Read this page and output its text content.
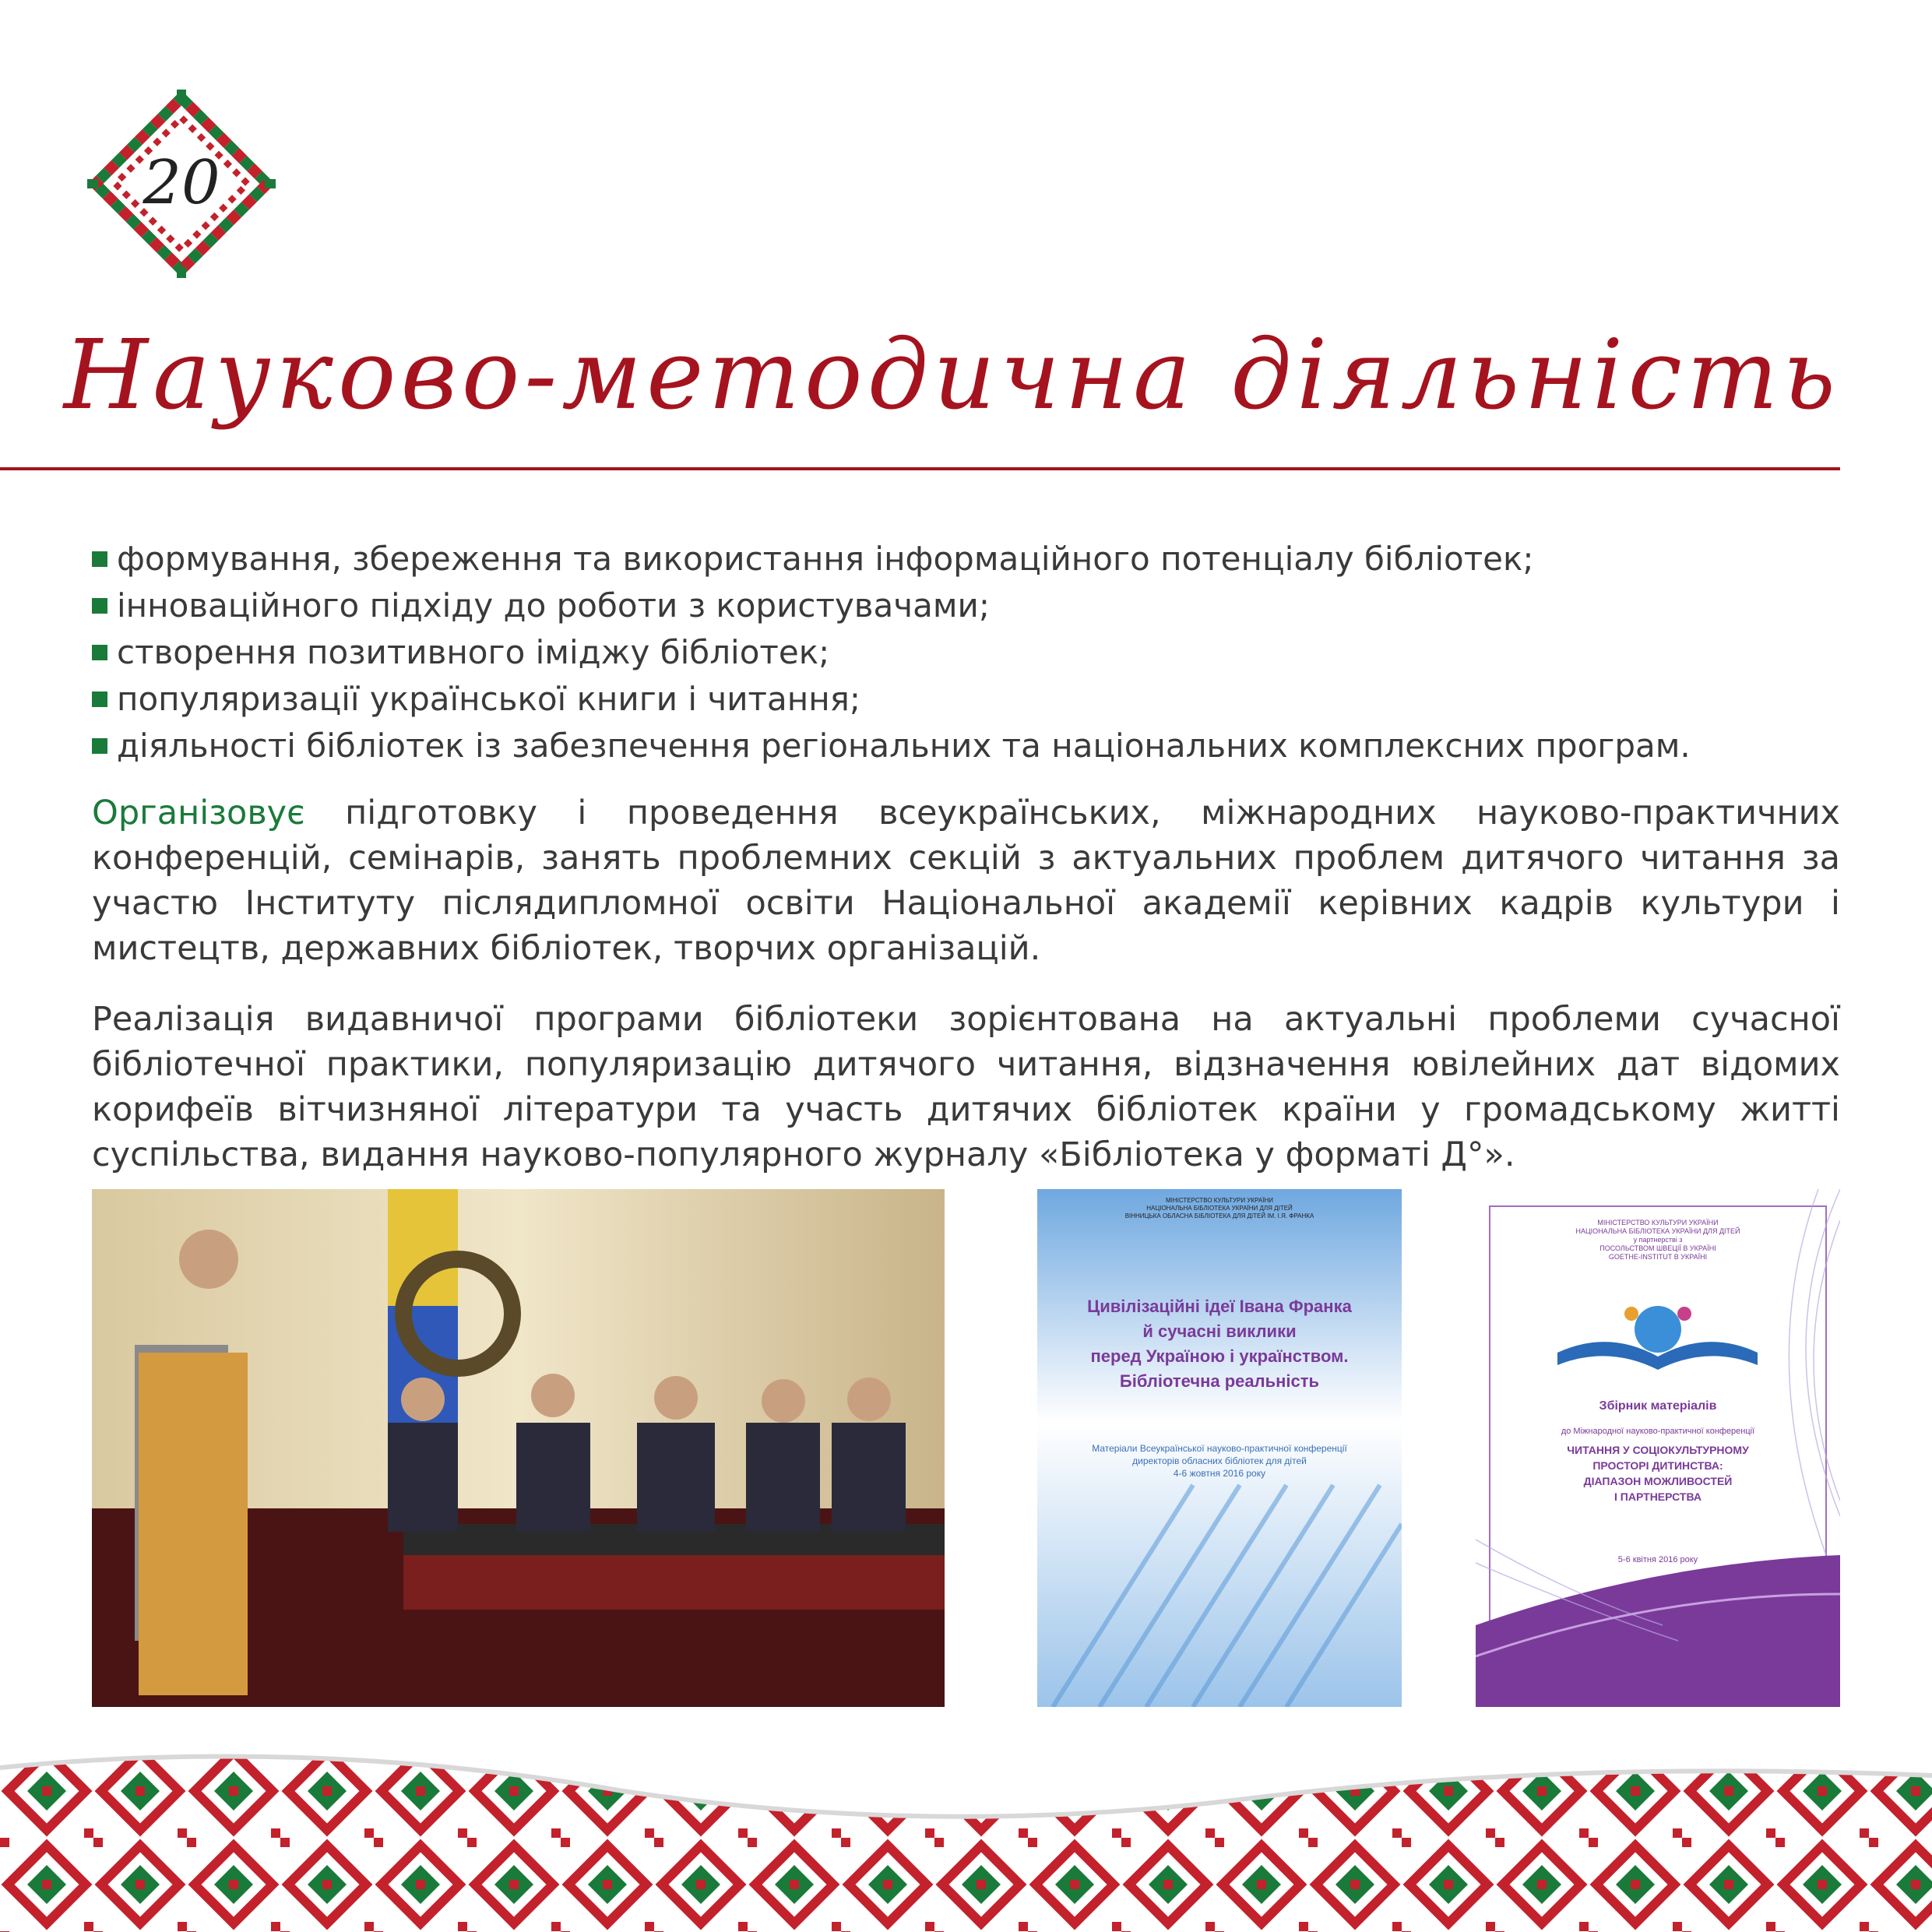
20
Науково-методична діяльність
формування, збереження та використання інформаційного потенціалу бібліотек;
інноваційного підхіду до роботи з користувачами;
створення позитивного іміджу бібліотек;
популяризації української книги і читання;
діяльності бібліотек із забезпечення регіональних та національних комплексних програм.

Організовує підготовку і проведення всеукраїнських, міжнародних науково-практичних конференцій, семінарів, занять проблемних секцій з актуальних проблем дитячого читання за участю Інституту післядипломної освіти Національної академії керівних кадрів культури і мистецтв, державних бібліотек, творчих організацій.

Реалізація видавничої програми бібліотеки зорієнтована на актуальні проблеми сучасної бібліотечної практики, популяризацію дитячого читання, відзначення ювілейних дат відомих корифеїв вітчизняної літератури та участь дитячих бібліотек країни у громадському житті суспільства, видання науково-популярного журналу «Бібліотека у форматі Д°».

МІНІСТЕРСТВО КУЛЬТУРИ УКРАЇНИ
НАЦІОНАЛЬНА БІБЛІОТЕКА УКРАЇНИ ДЛЯ ДІТЕЙ
ВІННИЦЬКА ОБЛАСНА БІБЛІОТЕКА ДЛЯ ДІТЕЙ ІМ. І.Я. ФРАНКА
Цивілізаційні ідеї Івана Франка
й сучасні виклики
перед Україною і українством.
Бібліотечна реальність
Матеріали Всеукраїнської науково-практичної конференції
директорів обласних бібліотек для дітей
4-6 жовтня 2016 року
МІНІСТЕРСТВО КУЛЬТУРИ УКРАЇНИ
НАЦІОНАЛЬНА БІБЛІОТЕКА УКРАЇНИ ДЛЯ ДІТЕЙ
у партнерстві з
ПОСОЛЬСТВОМ ШВЕЦІЇ В УКРАЇНІ
GOETHE-INSTITUT В УКРАЇНІ
Збірник матеріалів
до Міжнародної науково-практичної конференції
ЧИТАННЯ У СОЦІОКУЛЬТУРНОМУ
ПРОСТОРІ ДИТИНСТВА:
ДІАПАЗОН МОЖЛИВОСТЕЙ
І ПАРТНЕРСТВА
5-6 квітня 2016 року
м. Київ
